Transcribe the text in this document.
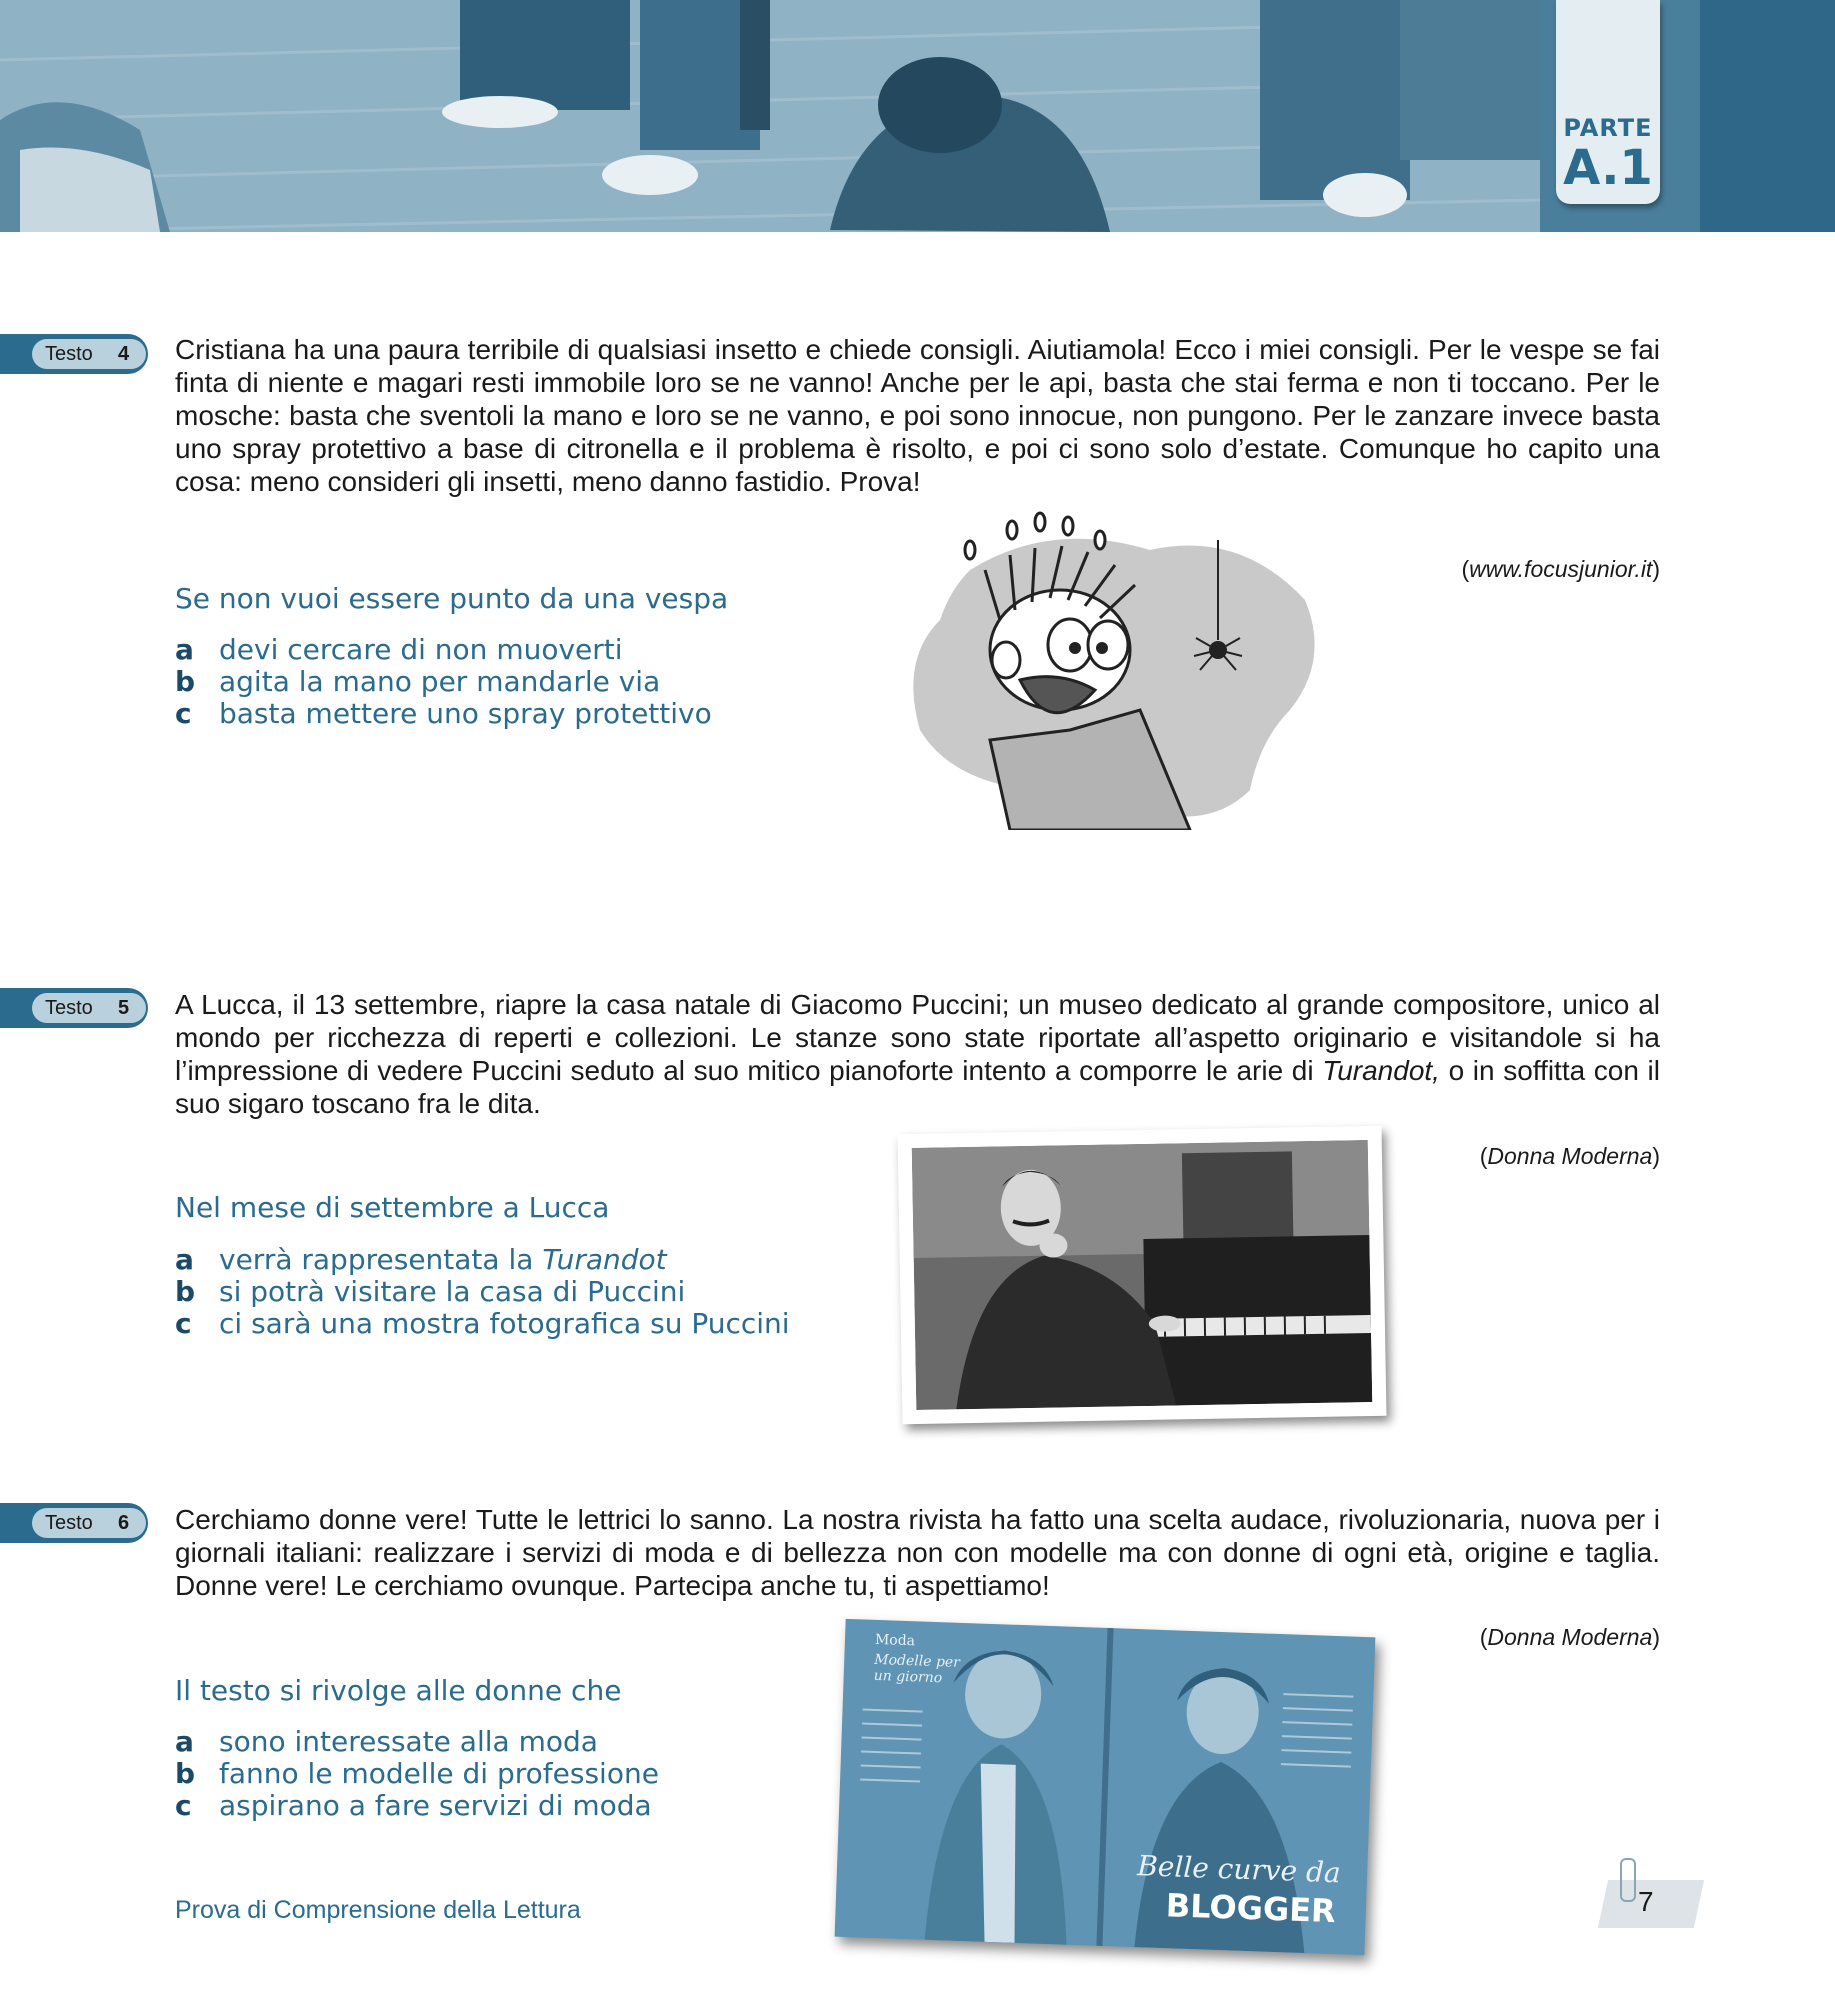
PARTE
A.1
Testo 4 Cristiana ha una paura terribile di qualsiasi insetto e chiede consigli. Aiutiamola! Ecco i miei consigli. Per le vespe se fai finta di niente e magari resti immobile loro se ne vanno! Anche per le api, basta che stai ferma e non ti toccano. Per le mosche: basta che sventoli la mano e loro se ne vanno, e poi sono innocue, non pungono. Per le zanzare invece basta uno spray protettivo a base di citronella e il problema è risolto, e poi ci sono solo d’estate. Comunque ho capito una cosa: meno consideri gli insetti, meno danno fastidio. Prova!

(www.focusjunior.it)

Se non vuoi essere punto da una vespa

a devi cercare di non muoverti
b agita la mano per mandarle via
c basta mettere uno spray protettivo
Testo 5 A Lucca, il 13 settembre, riapre la casa natale di Giacomo Puccini; un museo dedicato al grande compositore, unico al mondo per ricchezza di reperti e collezioni. Le stanze sono state riportate all’aspetto originario e visitandole si ha l’impressione di vedere Puccini seduto al suo mitico pianoforte intento a comporre le arie di Turandot, o in soffitta con il suo sigaro toscano fra le dita.

(Donna Moderna)

Nel mese di settembre a Lucca

a verrà rappresentata la Turandot
b si potrà visitare la casa di Puccini
c ci sarà una mostra fotografica su Puccini
Testo 6 Cerchiamo donne vere! Tutte le lettrici lo sanno. La nostra rivista ha fatto una scelta audace, rivoluzionaria, nuova per i giornali italiani: realizzare i servizi di moda e di bellezza non con modelle ma con donne di ogni età, origine e taglia. Donne vere! Le cerchiamo ovunque. Partecipa anche tu, ti aspettiamo!

(Donna Moderna)

Il testo si rivolge alle donne che

a sono interessate alla moda
b fanno le modelle di professione
c aspirano a fare servizi di moda
Moda
Modelle per un giorno
Belle curve da
BLOGGER
Prova di Comprensione della Lettura	7
